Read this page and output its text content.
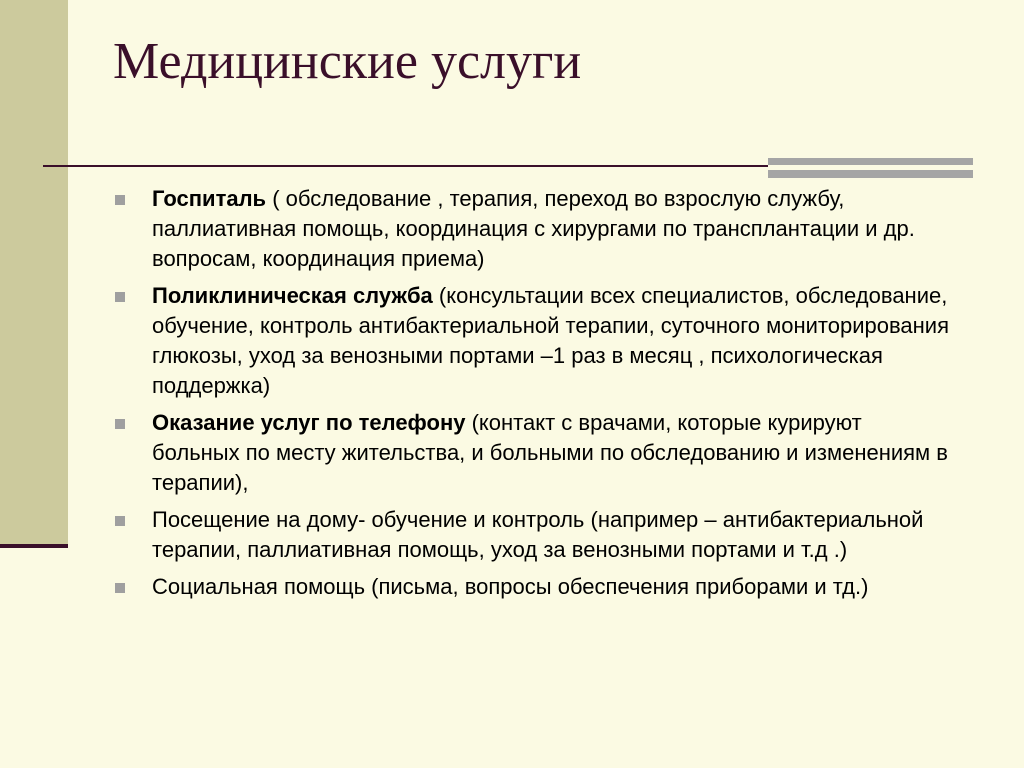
Медицинские услуги
Госпиталь ( обследование , терапия, переход во взрослую службу, паллиативная помощь, координация с хирургами по трансплантации и др. вопросам, координация приема)
Поликлиническая служба (консультации всех специалистов, обследование, обучение, контроль антибактериальной терапии, суточного мониторирования глюкозы, уход за венозными портами –1 раз в месяц , психологическая поддержка)
Оказание услуг по телефону (контакт с врачами, которые курируют больных по месту жительства, и больными по обследованию и изменениям в терапии),
Посещение на дому- обучение и контроль (например – антибактериальной терапии, паллиативная помощь, уход за венозными портами и т.д .)
Социальная помощь (письма, вопросы обеспечения приборами и тд.)
